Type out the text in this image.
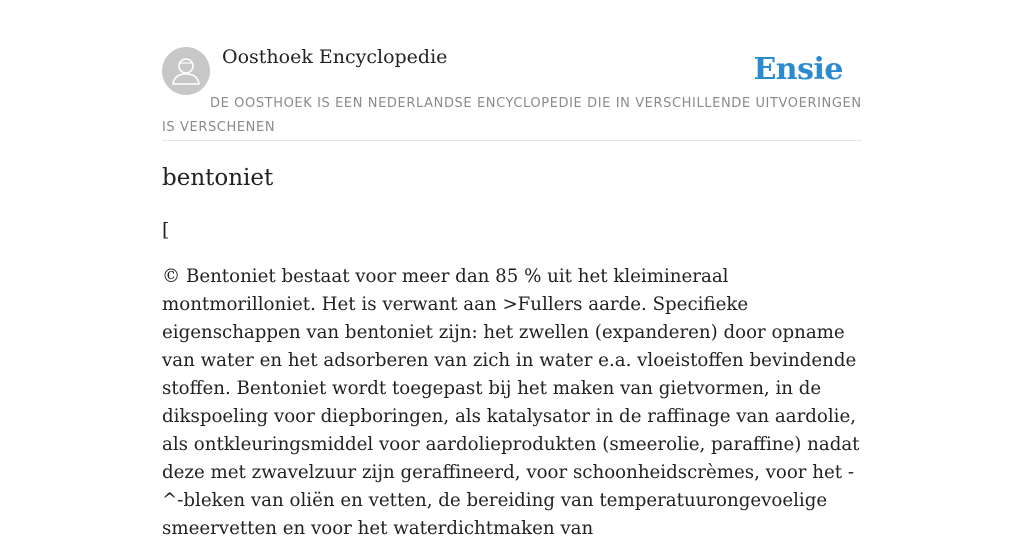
Oosthoek Encyclopedie	Ensie
DE OOSTHOEK IS EEN NEDERLANDSE ENCYCLOPEDIE DIE IN VERSCHILLENDE UITVOERINGEN IS VERSCHENEN
bentoniet

[

© Bentoniet bestaat voor meer dan 85 % uit het kleimineraal montmorilloniet. Het is verwant aan >Fullers aarde. Specifieke eigenschappen van bentoniet zijn: het zwellen (expanderen) door opname van water en het adsorberen van zich in water e.a. vloeistoffen bevindende stoffen. Bentoniet wordt toegepast bij het maken van gietvormen, in de dikspoeling voor diepboringen, als katalysator in de raffinage van aardolie, als ontkleuringsmiddel voor aardolieprodukten (smeerolie, paraffine) nadat deze met zwavelzuur zijn geraffineerd, voor schoonheidscrèmes, voor het -^-bleken van oliën en vetten, de bereiding van temperatuurongevoelige smeervetten en voor het waterdichtmaken van
